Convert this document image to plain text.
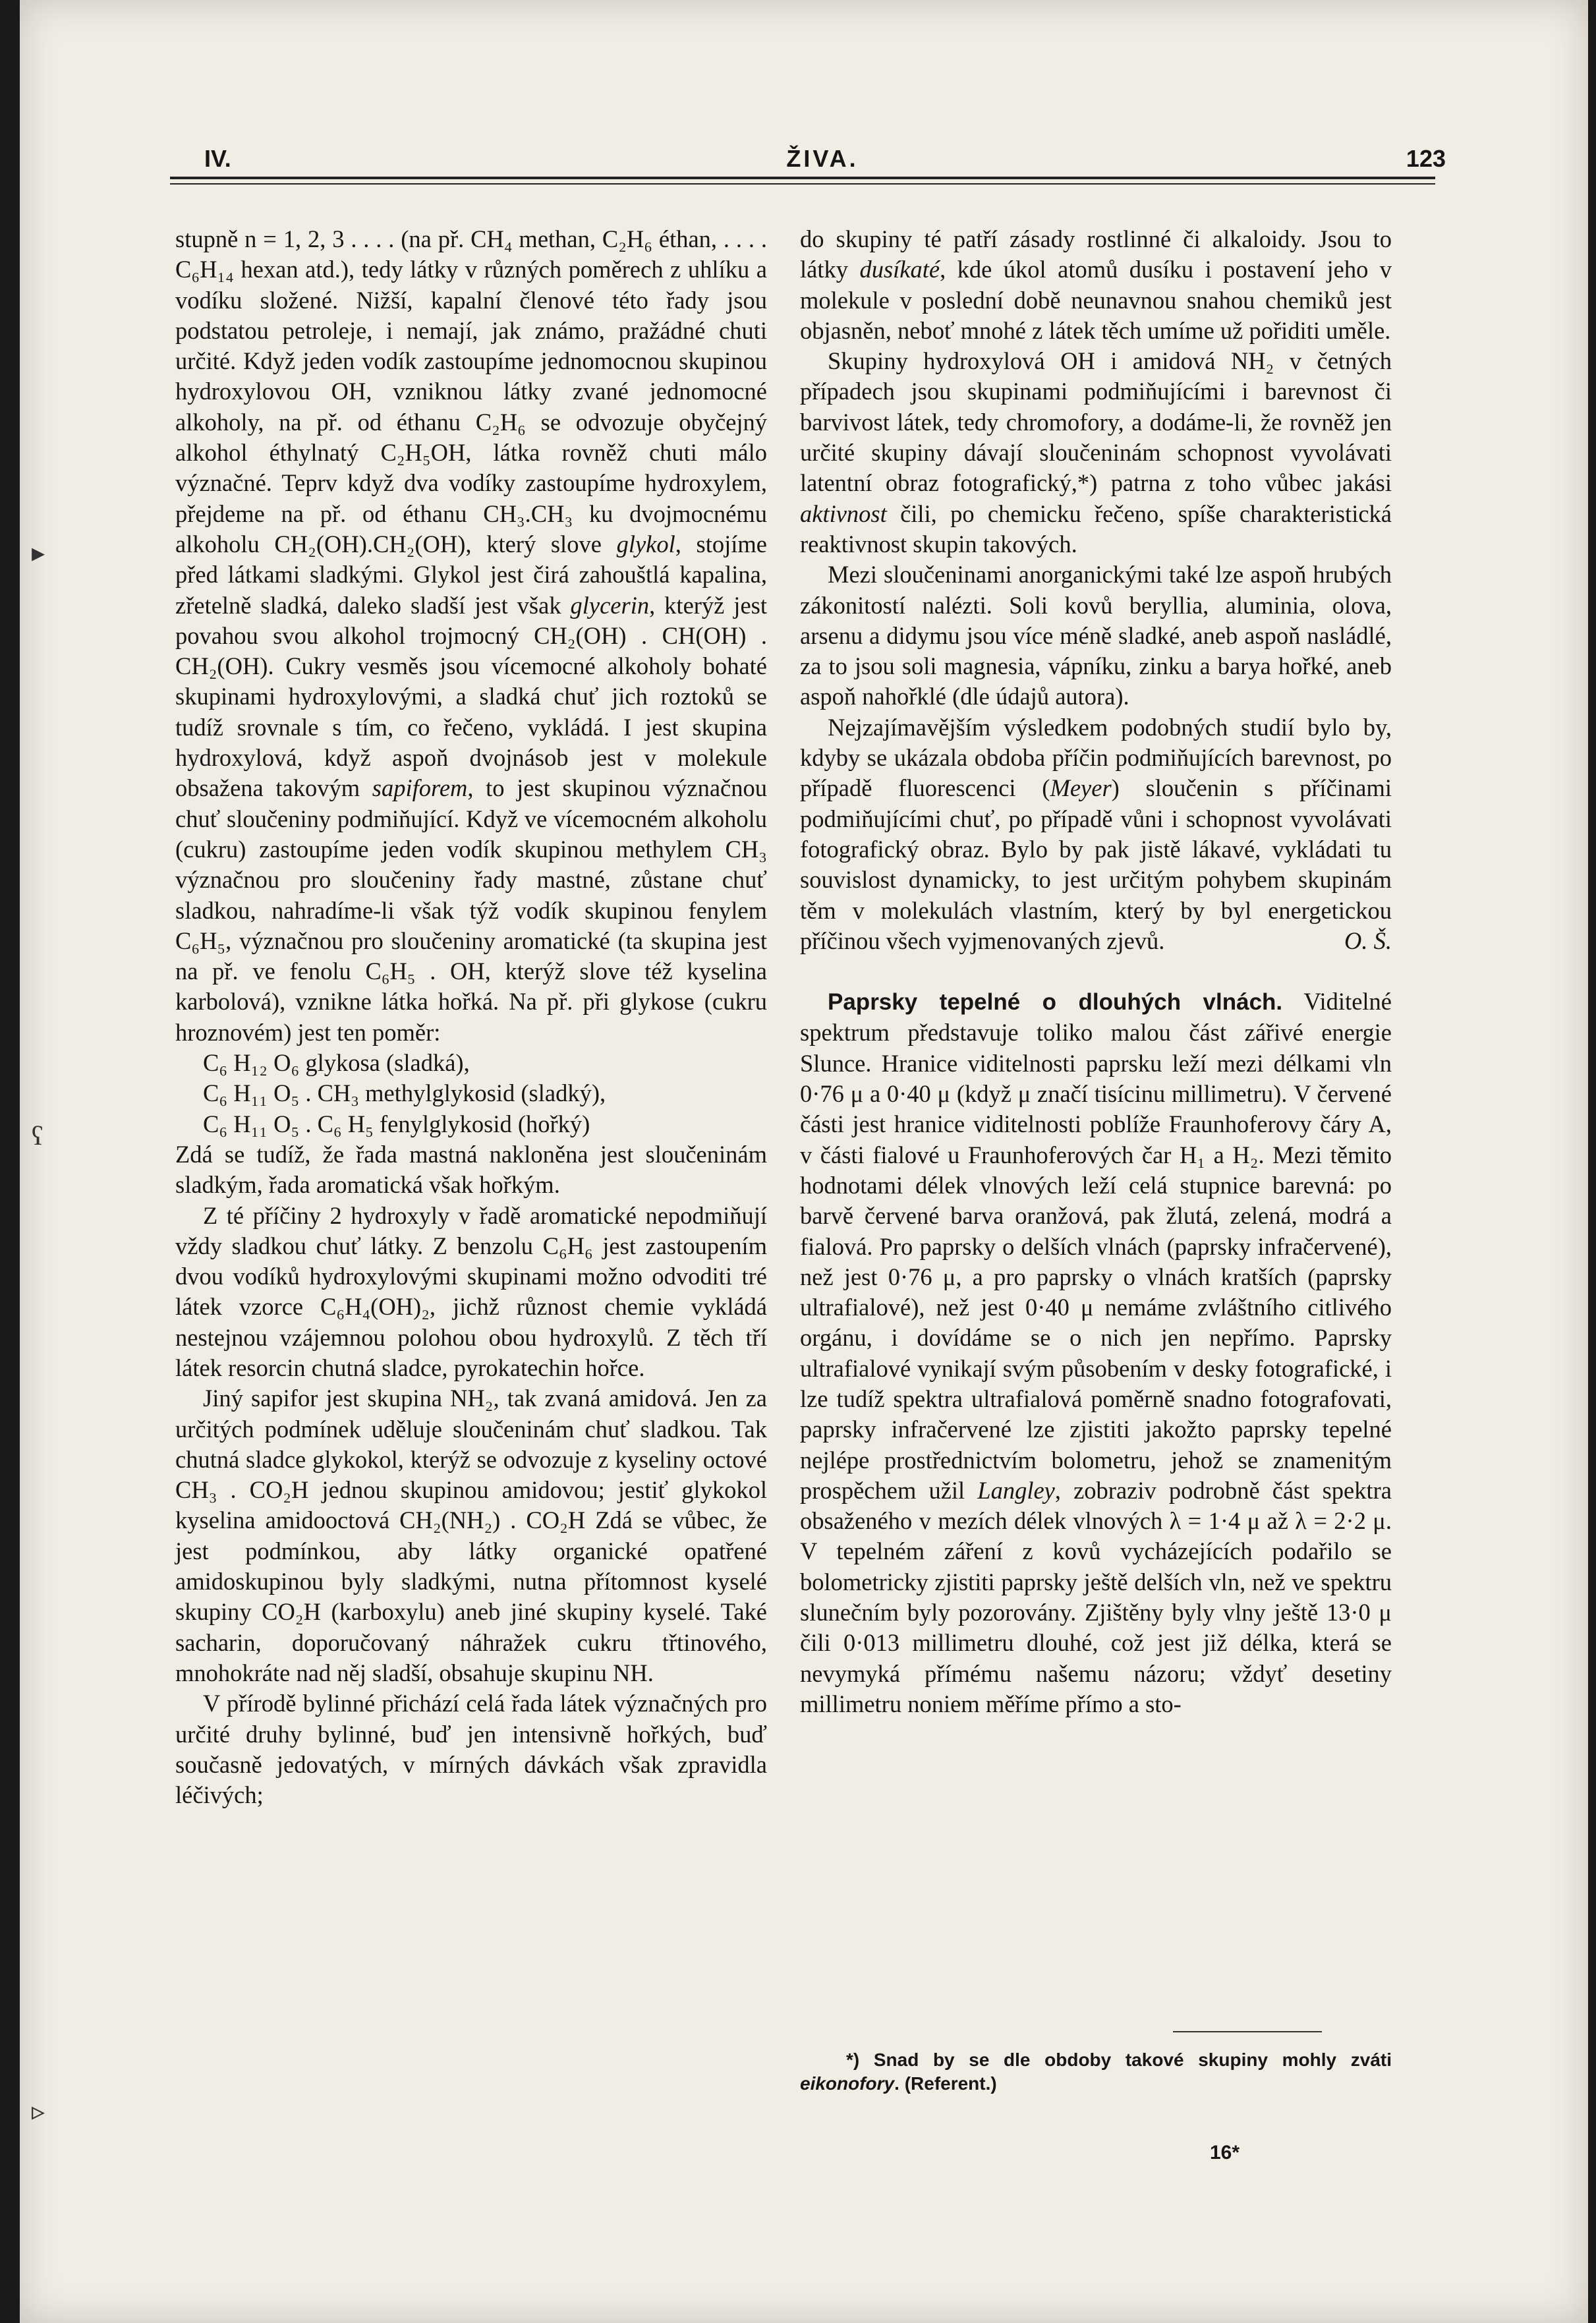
▸
ʕ
▹
IV.	ŽIVA.	123

stupně n = 1, 2, 3 . . . . (na př. CH₄ methan, C₂H₆ éthan, . . . . C₆H₁₄ hexan atd.), tedy látky v různých poměrech z uhlíku a vodíku složené. Nižší, kapalní členové této řady jsou podstatou petroleje, i nemají, jak známo, pražádné chuti určité. Když jeden vodík zastoupíme jednomocnou skupinou hydroxylovou OH, vzniknou látky zvané jednomocné alkoholy, na př. od éthanu C₂H₆ se odvozuje obyčejný alkohol éthylnatý C₂H₅OH, látka rovněž chuti málo význačné. Teprv když dva vodíky zastoupíme hydroxylem, přejdeme na př. od éthanu CH₃.CH₃ ku dvojmocnému alkoholu CH₂(OH).CH₂(OH), který slove glykol, stojíme před látkami sladkými. Glykol jest čirá zahouštlá kapalina, zřetelně sladká, daleko sladší jest však glycerin, kterýž jest povahou svou alkohol trojmocný CH₂(OH) . CH(OH) . CH₂(OH). Cukry vesměs jsou vícemocné alkoholy bohaté skupinami hydroxylovými, a sladká chuť jich roztoků se tudíž srovnale s tím, co řečeno, vykládá. I jest skupina hydroxylová, když aspoň dvojnásob jest v molekule obsažena takovým sapiforem, to jest skupinou význačnou chuť sloučeniny podmiňující. Když ve vícemocném alkoholu (cukru) zastoupíme jeden vodík skupinou methylem CH₃ význačnou pro sloučeniny řady mastné, zůstane chuť sladkou, nahradíme-li však týž vodík skupinou fenylem C₆H₅, význačnou pro sloučeniny aromatické (ta skupina jest na př. ve fenolu C₆H₅ . OH, kterýž slove též kyselina karbolová), vznikne látka hořká. Na př. při glykose (cukru hroznovém) jest ten poměr:

C₆ H₁₂ O₆ glykosa (sladká),

C₆ H₁₁ O₅ . CH₃ methylglykosid (sladký),

C₆ H₁₁ O₅ . C₆ H₅ fenylglykosid (hořký)

Zdá se tudíž, že řada mastná nakloněna jest sloučeninám sladkým, řada aromatická však hořkým.

Z té příčiny 2 hydroxyly v řadě aromatické nepodmiňují vždy sladkou chuť látky. Z benzolu C₆H₆ jest zastoupením dvou vodíků hydroxylovými skupinami možno odvoditi tré látek vzorce C₆H₄(OH)₂, jichž různost chemie vykládá nestejnou vzájemnou polohou obou hydroxylů. Z těch tří látek resorcin chutná sladce, pyrokatechin hořce.

Jiný sapifor jest skupina NH₂, tak zvaná amidová. Jen za určitých podmínek uděluje sloučeninám chuť sladkou. Tak chutná sladce glykokol, kterýž se odvozuje z kyseliny octové CH₃ . CO₂H jednou skupinou amidovou; jestiť glykokol kyselina amidooctová CH₂(NH₂) . CO₂H Zdá se vůbec, že jest podmínkou, aby látky organické opatřené amidoskupinou byly sladkými, nutna přítomnost kyselé skupiny CO₂H (karboxylu) aneb jiné skupiny kyselé. Také sacharin, doporučovaný náhražek cukru třtinového, mnohokráte nad něj sladší, obsahuje skupinu NH.

V přírodě bylinné přichází celá řada látek význačných pro určité druhy bylinné, buď jen intensivně hořkých, buď současně jedovatých, v mírných dávkách však zpravidla léčivých;

do skupiny té patří zásady rostlinné či alkaloidy. Jsou to látky dusíkaté, kde úkol atomů dusíku i postavení jeho v molekule v poslední době neunavnou snahou chemiků jest objasněn, neboť mnohé z látek těch umíme už pořiditi uměle.

Skupiny hydroxylová OH i amidová NH₂ v četných případech jsou skupinami podmiňujícími i barevnost či barvivost látek, tedy chromofory, a dodáme-li, že rovněž jen určité skupiny dávají sloučeninám schopnost vyvolávati latentní obraz fotografický,*) patrna z toho vůbec jakási aktivnost čili, po chemicku řečeno, spíše charakteristická reaktivnost skupin takových.

Mezi sloučeninami anorganickými také lze aspoň hrubých zákonitostí nalézti. Soli kovů beryllia, aluminia, olova, arsenu a didymu jsou více méně sladké, aneb aspoň nasládlé, za to jsou soli magnesia, vápníku, zinku a barya hořké, aneb aspoň nahořklé (dle údajů autora).

Nejzajímavějším výsledkem podobných studií bylo by, kdyby se ukázala obdoba příčin podmiňujících barevnost, po případě fluorescenci (Meyer) sloučenin s příčinami podmiňujícími chuť, po případě vůni i schopnost vyvolávati fotografický obraz. Bylo by pak jistě lákavé, vykládati tu souvislost dynamicky, to jest určitým pohybem skupinám těm v molekulách vlastním, který by byl energetickou příčinou všech vyjmenovaných zjevů.	O. Š.

Paprsky tepelné o dlouhých vlnách. Viditelné spektrum představuje toliko malou část zářivé energie Slunce. Hranice viditelnosti paprsku leží mezi délkami vln 0·76 μ a 0·40 μ (když μ značí tisícinu millimetru). V červené části jest hranice viditelnosti poblíže Fraunhoferovy čáry A, v části fialové u Fraunhoferových čar H₁ a H₂. Mezi těmito hodnotami délek vlnových leží celá stupnice barevná: po barvě červené barva oranžová, pak žlutá, zelená, modrá a fialová. Pro paprsky o delších vlnách (paprsky infračervené), než jest 0·76 μ, a pro paprsky o vlnách kratších (paprsky ultrafialové), než jest 0·40 μ nemáme zvláštního citlivého orgánu, i dovídáme se o nich jen nepřímo. Paprsky ultrafialové vynikají svým působením v desky fotografické, i lze tudíž spektra ultrafialová poměrně snadno fotografovati, paprsky infračervené lze zjistiti jakožto paprsky tepelné nejlépe prostřednictvím bolometru, jehož se znamenitým prospěchem užil Langley, zobraziv podrobně část spektra obsaženého v mezích délek vlnových λ = 1·4 μ až λ = 2·2 μ. V tepelném záření z kovů vycházejících podařilo se bolometricky zjistiti paprsky ještě delších vln, než ve spektru slunečním byly pozorovány. Zjištěny byly vlny ještě 13·0 μ čili 0·013 millimetru dlouhé, což jest již délka, která se nevymyká přímému našemu názoru; vždyť desetiny millimetru noniem měříme přímo a sto-

*) Snad by se dle obdoby takové skupiny mohly zváti eikonofory. (Referent.)
16*
